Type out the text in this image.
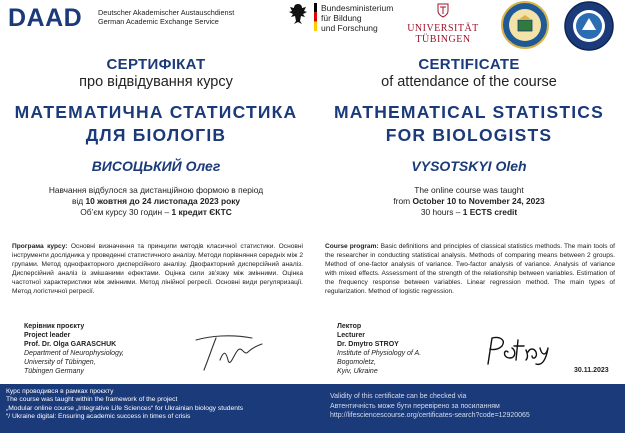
DAAD Deutscher Akademischer Austauschdienst
German Academic Exchange Service
Bundesministerium
für Bildung
und Forschung	UNIVERSITÄT
TÜBINGEN
СЕРТИФІКАТ
про відвідування курсу
МАТЕМАТИЧНА СТАТИСТИКА
ДЛЯ БІОЛОГІВ
ВИСОЦЬКИЙ Олег
Навчання відбулося за дистанційною формою в період
від 10 жовтня до 24 листопада 2023 року
Об’єм курсу 30 годин – 1 кредит ЄКТС
Програма курсу: Основні визначення та принципи методів класичної статистики. Основні інструменти дослідника у проведенні статистичного аналізу. Методи порівняння середніх між 2 групами. Метод однофакторного дисперсійного аналізу. Двофакторний дисперсійний аналіз. Дисперсійний аналіз із змішаними ефектами. Оцінка сили зв’язку між змінними. Оцінка частотної характеристики між змінними. Метод лінійної регресії. Основні види регуляризації. Метод логістичної регресії.
Керівник проєкту
Project leader
Prof. Dr. Olga GARASCHUK
Department of Neurophysiology,
University of Tübingen,
Tübingen Germany
CERTIFICATE
of attendance of the course
MATHEMATICAL STATISTICS
FOR BIOLOGISTS
VYSOTSKYI Oleh
The online course was taught
from October 10 to November 24, 2023
30 hours – 1 ECTS credit
Course program: Basic definitions and principles of classical statistics methods. The main tools of the researcher in conducting statistical analysis. Methods of comparing means between 2 groups. Method of one-factor analysis of variance. Two-factor analysis of variance. Analysis of variance with mixed effects. Assessment of the strength of the relationship between variables. Estimation of the frequency response between variables. Linear regression method. The main types of regularization. Method of logistic regression.
Лектор
Lecturer
Dr. Dmytro STROY
Institute of Physiology of A.
Bogomoletz,
Kyiv, Ukraine	30.11.2023
Курс проводився в рамках проєкту
The course was taught within the framework of the project
„Modular online course „Integrative Life Sciences“ for Ukrainian biology students
“/ Ukraine digital: Ensuring academic success in times of crisis
Validity of this certificate can be checked via
Автентичність може бути перевірено за посиланням
http://lifesciencescourse.org/certificates-search?code=12920065
